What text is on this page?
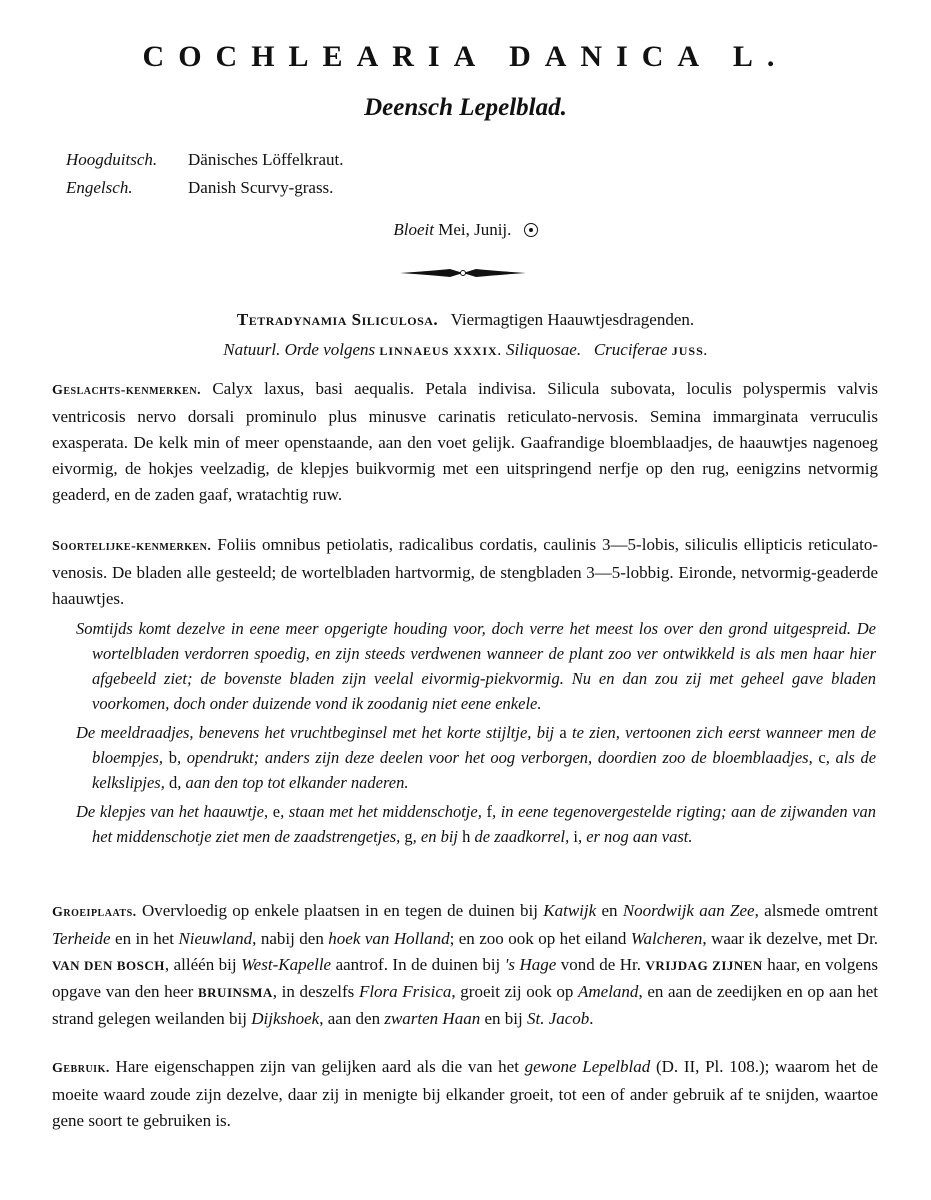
COCHLEARIA DANICA L.
Deensch Lepelblad.
Hoogduitsch.	Dänisches Löffelkraut.
Engelsch.	Danish Scurvy-grass.
Bloeit Mei, Junij.
Tetradynamia Siliculosa. Viermagtigen Haauwtjesdragenden.
Natuurl. Orde volgens LINNAEUS XXXIX. Siliquosae. Cruciferae JUSS.
Geslachts-kenmerken. Calyx laxus, basi aequalis. Petala indivisa. Silicula subovata, loculis polyspermis valvis ventricosis nervo dorsali prominulo plus minusve carinatis reticulato-nervosis. Semina immarginata verruculis exasperata. De kelk min of meer openstaande, aan den voet gelijk. Gaafrandige bloemblaadjes, de haauwtjes nagenoeg eivormig, de hokjes veelzadig, de klepjes buikvormig met een uitspringend nerfje op den rug, eenigzins netvormig geaderd, en de zaden gaaf, wratachtig ruw.
Soortelijke-kenmerken. Foliis omnibus petiolatis, radicalibus cordatis, caulinis 3—5-lobis, siliculis ellipticis reticulato-venosis. De bladen alle gesteeld; de wortelbladen hartvormig, de stengbladen 3—5-lobbig. Eironde, netvormig-geaderde haauwtjes.

Somtijds komt dezelve in eene meer opgerigte houding voor, doch verre het meest los over den grond uitgespreid. De wortelbladen verdorren spoedig, en zijn steeds verdwenen wanneer de plant zoo ver ontwikkeld is als men haar hier afgebeeld ziet; de bovenste bladen zijn veelal eivormig-piekvormig. Nu en dan zou zij met geheel gave bladen voorkomen, doch onder duizende vond ik zoodanig niet eene enkele.

De meeldraadjes, benevens het vruchtbeginsel met het korte stijltje, bij a te zien, vertoonen zich eerst wanneer men de bloempjes, b, opendrukt; anders zijn deze deelen voor het oog verborgen, doordien zoo de bloemblaadjes, c, als de kelkslipjes, d, aan den top tot elkander naderen.

De klepjes van het haauwtje, e, staan met het middenschotje, f, in eene tegenovergestelde rigting; aan de zijwanden van het middenschotje ziet men de zaadstrengetjes, g, en bij h de zaadkorrel, i, er nog aan vast.

Groeiplaats. Overvloedig op enkele plaatsen in en tegen de duinen bij Katwijk en Noordwijk aan Zee, alsmede omtrent Terheide en in het Nieuwland, nabij den hoek van Holland; en zoo ook op het eiland Walcheren, waar ik dezelve, met Dr. VAN DEN BOSCH, alléén bij West-Kapelle aantrof. In de duinen bij 's Hage vond de Hr. VRIJDAG ZIJNEN haar, en volgens opgave van den heer BRUINSMA, in deszelfs Flora Frisica, groeit zij ook op Ameland, en aan de zeedijken en op aan het strand gelegen weilanden bij Dijkshoek, aan den zwarten Haan en bij St. Jacob.
Gebruik. Hare eigenschappen zijn van gelijken aard als die van het gewone Lepelblad (D. II, Pl. 108.); waarom het de moeite waard zoude zijn dezelve, daar zij in menigte bij elkander groeit, tot een of ander gebruik af te snijden, waartoe gene soort te gebruiken is.
